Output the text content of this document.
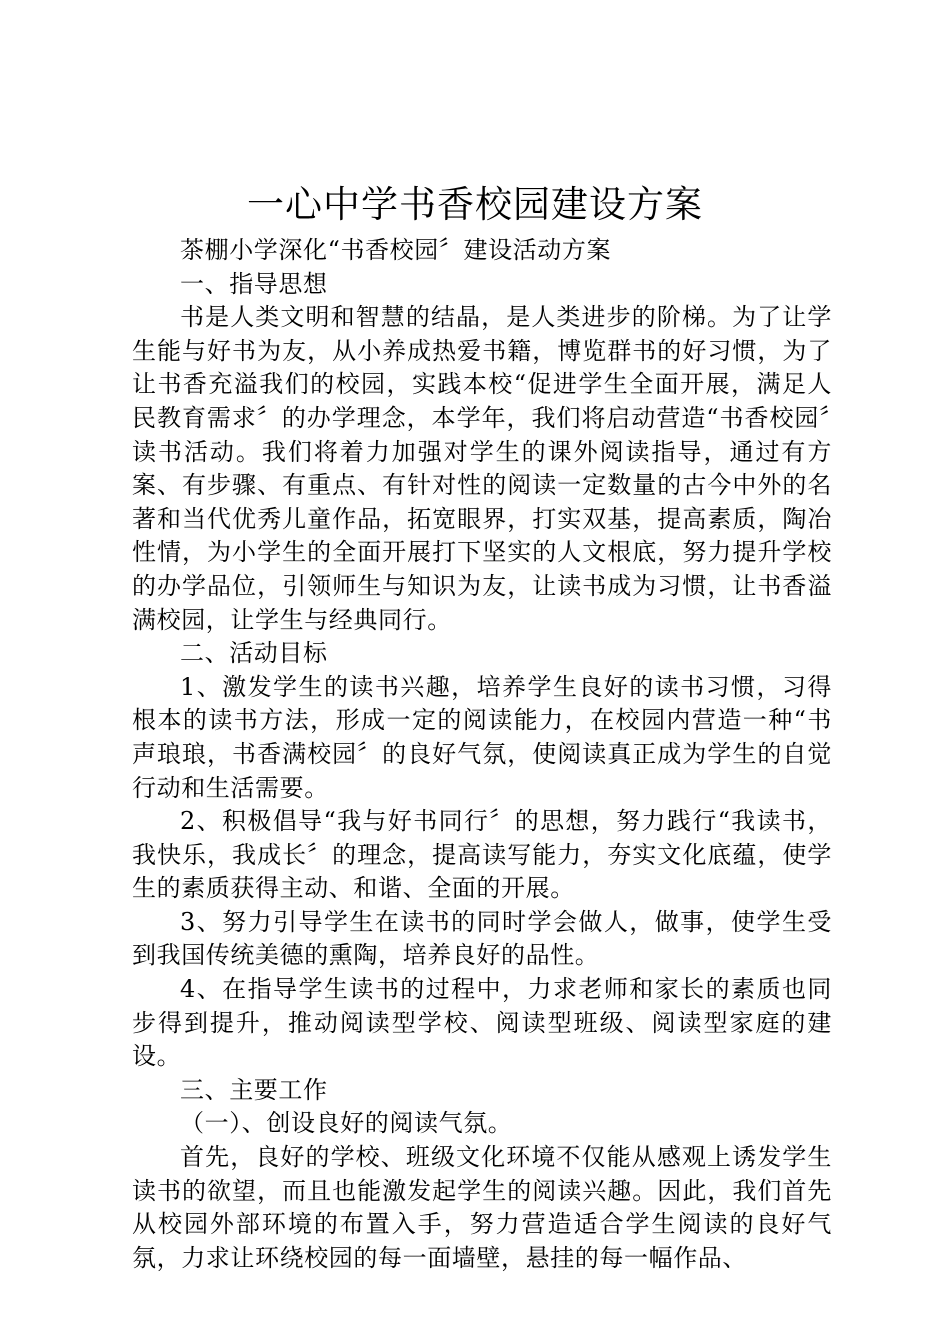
一心中学书香校园建设方案

茶棚小学深化“书香校园〞建设活动方案

一、指导思想

书是人类文明和智慧的结晶，是人类进步的阶梯。为了让学生能与好书为友，从小养成热爱书籍，博览群书的好习惯，为了让书香充溢我们的校园，实践本校“促进学生全面开展，满足人民教育需求〞的办学理念，本学年，我们将启动营造“书香校园〞读书活动。我们将着力加强对学生的课外阅读指导，通过有方案、有步骤、有重点、有针对性的阅读一定数量的古今中外的名著和当代优秀儿童作品，拓宽眼界，打实双基，提高素质，陶冶性情，为小学生的全面开展打下坚实的人文根底，努力提升学校的办学品位，引领师生与知识为友，让读书成为习惯，让书香溢满校园，让学生与经典同行。

二、活动目标

1、激发学生的读书兴趣，培养学生良好的读书习惯，习得根本的读书方法，形成一定的阅读能力，在校园内营造一种“书声琅琅，书香满校园〞的良好气氛，使阅读真正成为学生的自觉行动和生活需要。

2、积极倡导“我与好书同行〞的思想，努力践行“我读书，我快乐，我成长〞的理念，提高读写能力，夯实文化底蕴，使学生的素质获得主动、和谐、全面的开展。

3、努力引导学生在读书的同时学会做人，做事，使学生受到我国传统美德的熏陶，培养良好的品性。

4、在指导学生读书的过程中，力求老师和家长的素质也同步得到提升，推动阅读型学校、阅读型班级、阅读型家庭的建设。

三、主要工作

（一）、创设良好的阅读气氛。

首先，良好的学校、班级文化环境不仅能从感观上诱发学生读书的欲望，而且也能激发起学生的阅读兴趣。因此，我们首先从校园外部环境的布置入手，努力营造适合学生阅读的良好气氛，力求让环绕校园的每一面墙壁，悬挂的每一幅作品、
